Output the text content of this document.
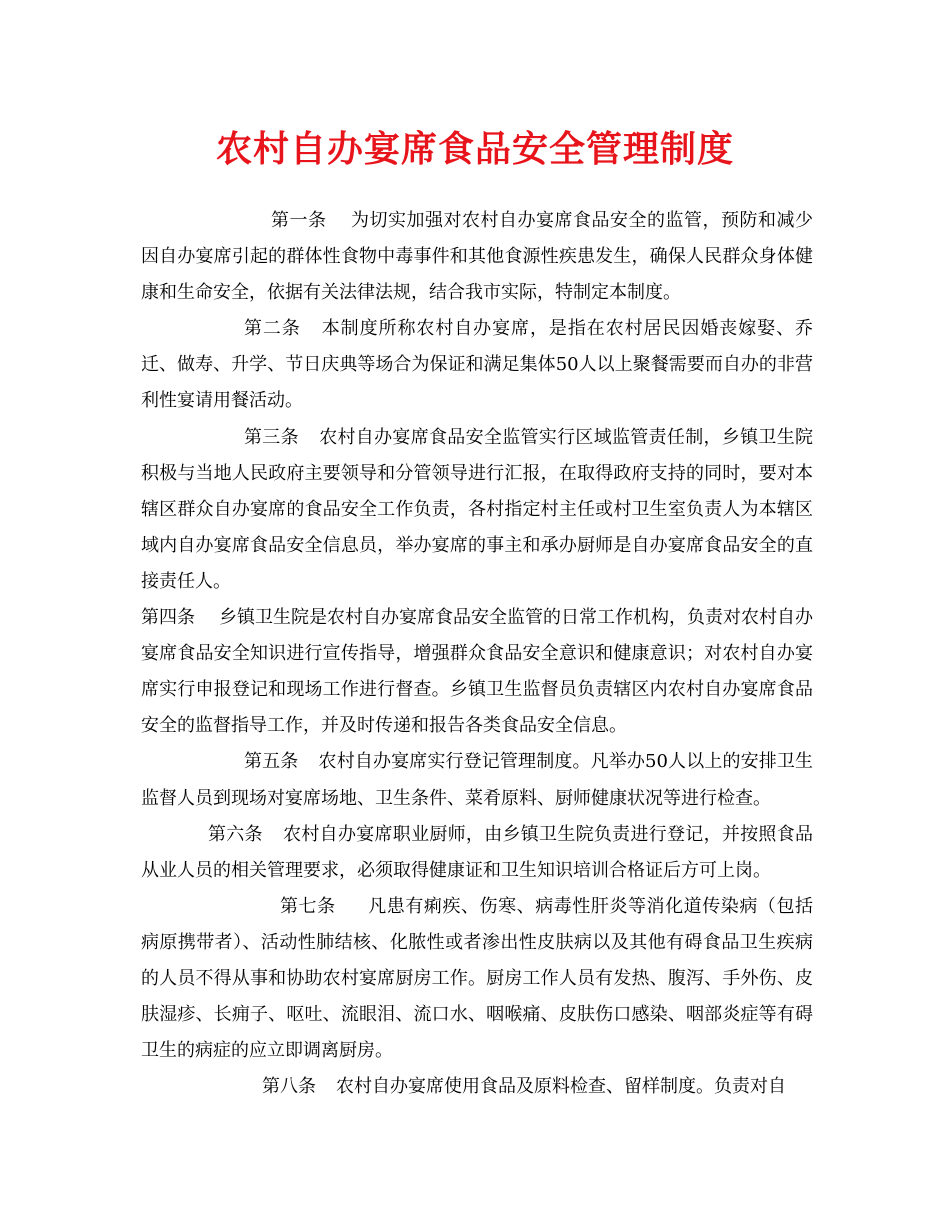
农村自办宴席食品安全管理制度

第一条 为切实加强对农村自办宴席食品安全的监管，预防和减少因自办宴席引起的群体性食物中毒事件和其他食源性疾患发生，确保人民群众身体健康和生命安全，依据有关法律法规，结合我市实际，特制定本制度。

第二条 本制度所称农村自办宴席，是指在农村居民因婚丧嫁娶、乔迁、做寿、升学、节日庆典等场合为保证和满足集体50人以上聚餐需要而自办的非营利性宴请用餐活动。

第三条 农村自办宴席食品安全监管实行区域监管责任制，乡镇卫生院积极与当地人民政府主要领导和分管领导进行汇报，在取得政府支持的同时，要对本辖区群众自办宴席的食品安全工作负责，各村指定村主任或村卫生室负责人为本辖区域内自办宴席食品安全信息员，举办宴席的事主和承办厨师是自办宴席食品安全的直接责任人。

第四条 乡镇卫生院是农村自办宴席食品安全监管的日常工作机构，负责对农村自办宴席食品安全知识进行宣传指导，增强群众食品安全意识和健康意识；对农村自办宴席实行申报登记和现场工作进行督查。乡镇卫生监督员负责辖区内农村自办宴席食品安全的监督指导工作，并及时传递和报告各类食品安全信息。

第五条 农村自办宴席实行登记管理制度。凡举办50人以上的安排卫生监督人员到现场对宴席场地、卫生条件、菜肴原料、厨师健康状况等进行检查。

第六条 农村自办宴席职业厨师，由乡镇卫生院负责进行登记，并按照食品从业人员的相关管理要求，必须取得健康证和卫生知识培训合格证后方可上岗。

第七条 凡患有痢疾、伤寒、病毒性肝炎等消化道传染病（包括病原携带者）、活动性肺结核、化脓性或者渗出性皮肤病以及其他有碍食品卫生疾病的人员不得从事和协助农村宴席厨房工作。厨房工作人员有发热、腹泻、手外伤、皮肤湿疹、长痈子、呕吐、流眼泪、流口水、咽喉痛、皮肤伤口感染、咽部炎症等有碍卫生的病症的应立即调离厨房。

第八条 农村自办宴席使用食品及原料检查、留样制度。负责对自
